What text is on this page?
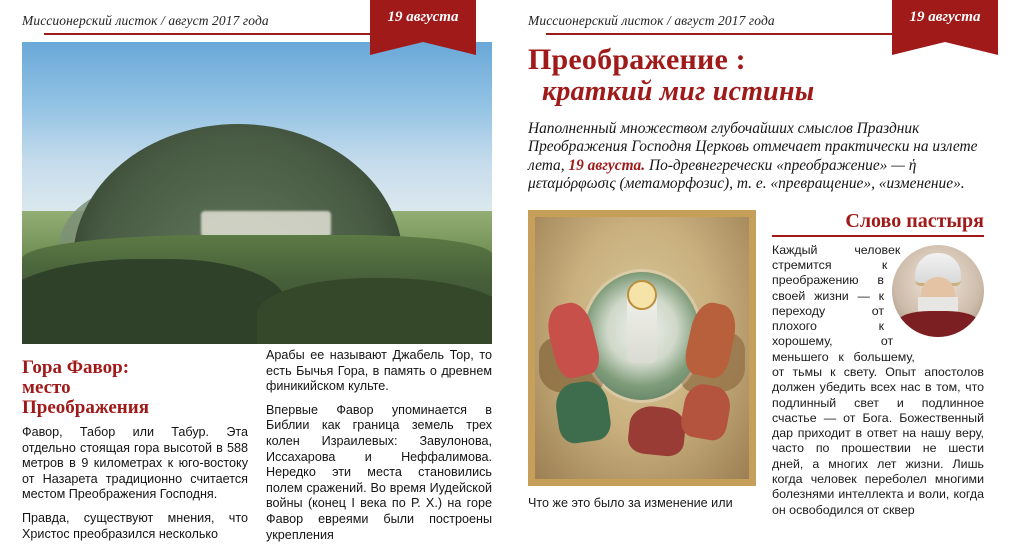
Миссионерский листок / август 2017 года	19 августа
Гора Фавор:
место
Преображения

Фавор, Табор или Табур. Эта отдельно стоящая гора высотой в 588 метров в 9 километрах к юго-востоку от Назарета традиционно считается местом Преображения Господня.

Правда, существуют мнения, что Христос преобразился несколько

Арабы ее называют Джабель Тор, то есть Бычья Гора, в память о древнем финикийском культе.

Впервые Фавор упоминается в Библии как граница земель трех колен Израилевых: Завулонова, Иссахарова и Неффалимова. Нередко эти места становились полем сражений. Во время Иудейской войны (конец I века по Р. Х.) на горе Фавор евреями были построены укрепления

Миссионерский листок / август 2017 года	19 августа
Преображение :
краткий миг истины
Наполненный множеством глубочайших смыслов Праздник Преображения Господня Церковь отмечает практически на излете лета, 19 августа. По-древнегречески «преображение» — ἡ μεταμόρφωσις (метаморфозис), т. е. «превращение», «изменение».
Что же это было за изменение или
Слово пастыря
Каждый человек стремится к преображению в своей жизни — к переходу от плохого к хорошему, от меньшего к большему, от тьмы к свету. Опыт апостолов должен убедить всех нас в том, что подлинный свет и подлинное счастье — от Бога. Божественный дар приходит в ответ на нашу веру, часто по прошествии не шести дней, а многих лет жизни. Лишь когда человек переболел многими болезнями интеллекта и воли, когда он освободился от сквер
